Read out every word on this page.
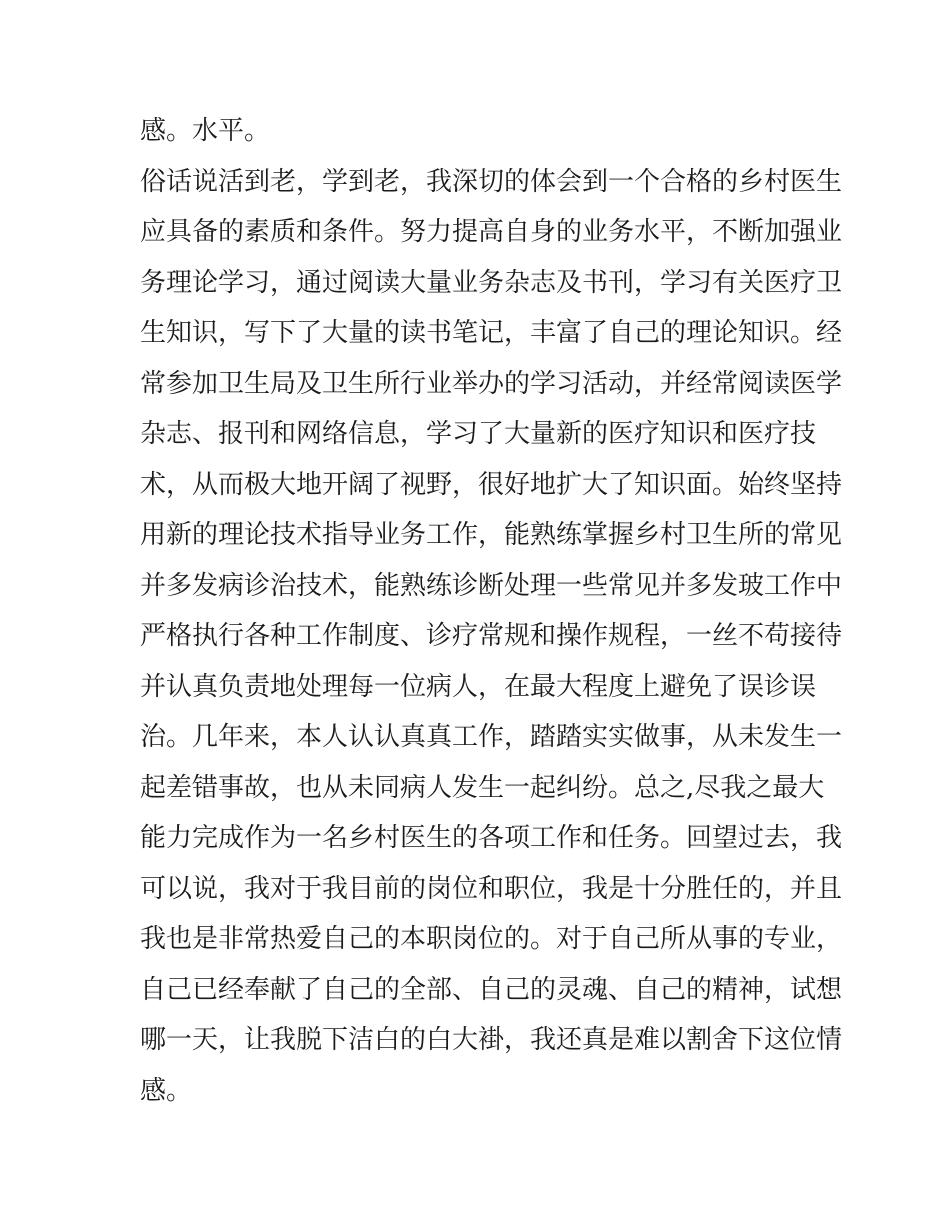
感。水平。
俗话说活到老，学到老，我深切的体会到一个合格的乡村医生
应具备的素质和条件。努力提高自身的业务水平，不断加强业
务理论学习，通过阅读大量业务杂志及书刊，学习有关医疗卫
生知识，写下了大量的读书笔记，丰富了自己的理论知识。经
常参加卫生局及卫生所行业举办的学习活动，并经常阅读医学
杂志、报刊和网络信息，学习了大量新的医疗知识和医疗技
术，从而极大地开阔了视野，很好地扩大了知识面。始终坚持
用新的理论技术指导业务工作，能熟练掌握乡村卫生所的常见
并多发病诊治技术，能熟练诊断处理一些常见并多发玻工作中
严格执行各种工作制度、诊疗常规和操作规程，一丝不苟接待
并认真负责地处理每一位病人，在最大程度上避免了误诊误
治。几年来，本人认认真真工作，踏踏实实做事，从未发生一
起差错事故，也从未同病人发生一起纠纷。总之,尽我之最大
能力完成作为一名乡村医生的各项工作和任务。回望过去，我
可以说，我对于我目前的岗位和职位，我是十分胜任的，并且
我也是非常热爱自己的本职岗位的。对于自己所从事的专业，
自己已经奉献了自己的全部、自己的灵魂、自己的精神，试想
哪一天，让我脱下洁白的白大褂，我还真是难以割舍下这位情
感。
